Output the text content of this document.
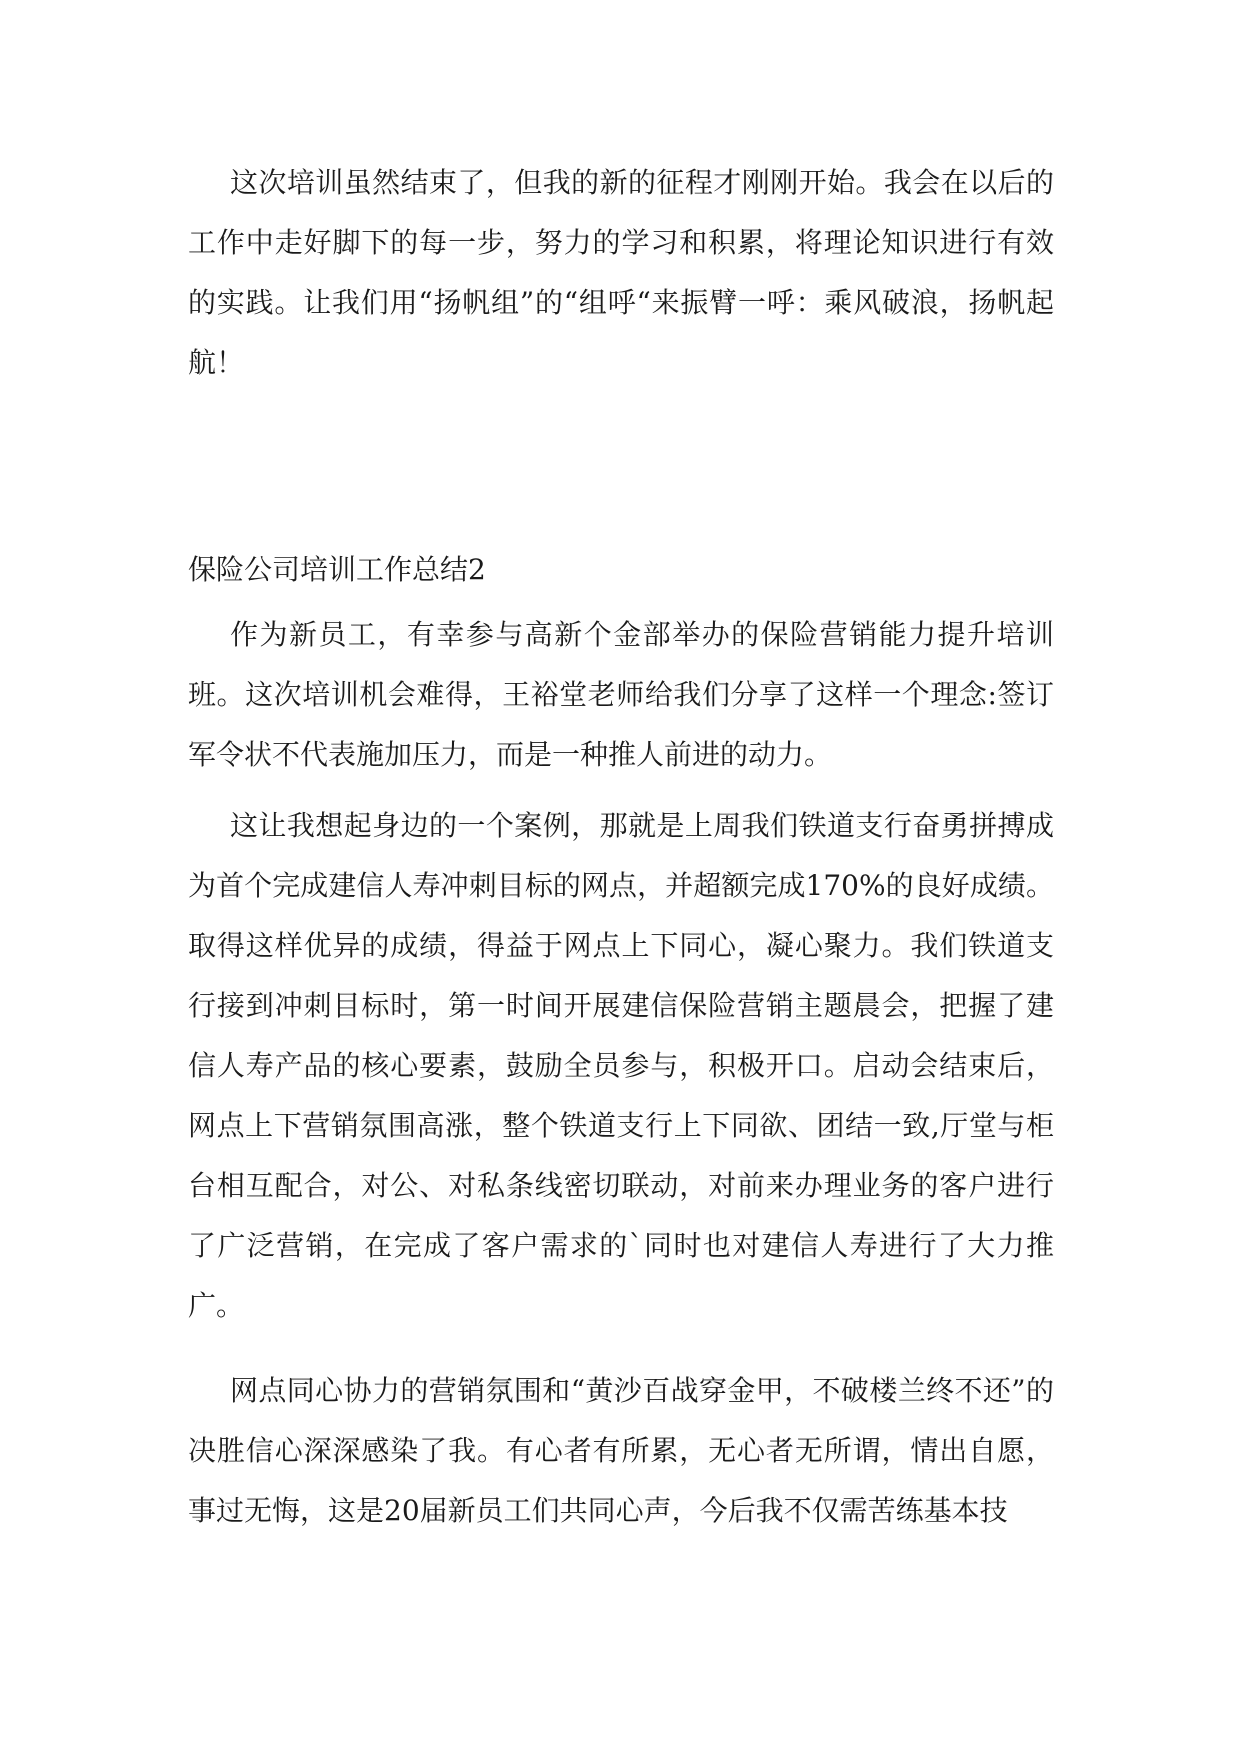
这次培训虽然结束了，但我的新的征程才刚刚开始。我会在以后的工作中走好脚下的每一步，努力的学习和积累，将理论知识进行有效的实践。让我们用“扬帆组”的“组呼“来振臂一呼：乘风破浪，扬帆起航！

保险公司培训工作总结2

作为新员工，有幸参与高新个金部举办的保险营销能力提升培训班。这次培训机会难得，王裕堂老师给我们分享了这样一个理念:签订军令状不代表施加压力，而是一种推人前进的动力。

这让我想起身边的一个案例，那就是上周我们铁道支行奋勇拼搏成为首个完成建信人寿冲刺目标的网点，并超额完成170%的良好成绩。取得这样优异的成绩，得益于网点上下同心，凝心聚力。我们铁道支行接到冲刺目标时，第一时间开展建信保险营销主题晨会，把握了建信人寿产品的核心要素，鼓励全员参与，积极开口。启动会结束后，网点上下营销氛围高涨，整个铁道支行上下同欲、团结一致,厅堂与柜台相互配合，对公、对私条线密切联动，对前来办理业务的客户进行了广泛营销，在完成了客户需求的`同时也对建信人寿进行了大力推广。

网点同心协力的营销氛围和“黄沙百战穿金甲，不破楼兰终不还”的决胜信心深深感染了我。有心者有所累，无心者无所谓，情出自愿，事过无悔，这是20届新员工们共同心声，今后我不仅需苦练基本技
